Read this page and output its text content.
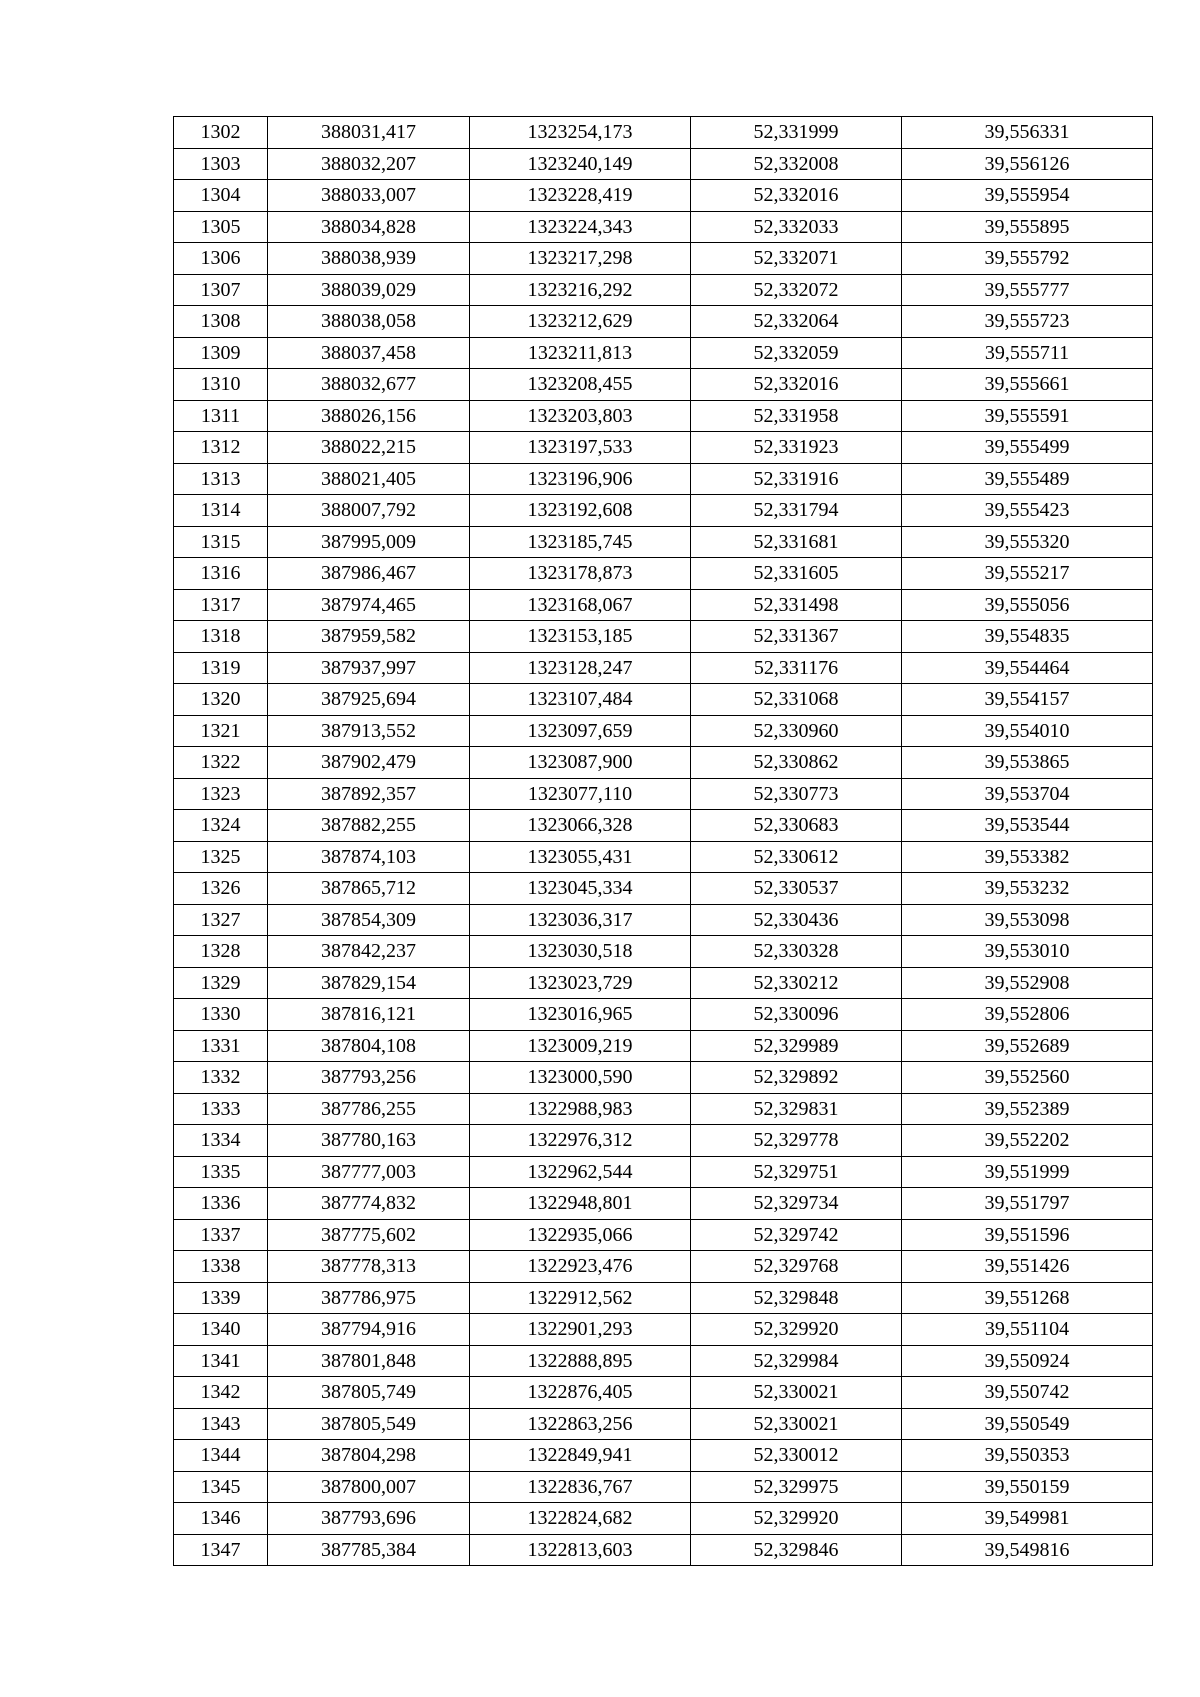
1302	388031,417	1323254,173	52,331999	39,556331
1303	388032,207	1323240,149	52,332008	39,556126
1304	388033,007	1323228,419	52,332016	39,555954
1305	388034,828	1323224,343	52,332033	39,555895
1306	388038,939	1323217,298	52,332071	39,555792
1307	388039,029	1323216,292	52,332072	39,555777
1308	388038,058	1323212,629	52,332064	39,555723
1309	388037,458	1323211,813	52,332059	39,555711
1310	388032,677	1323208,455	52,332016	39,555661
1311	388026,156	1323203,803	52,331958	39,555591
1312	388022,215	1323197,533	52,331923	39,555499
1313	388021,405	1323196,906	52,331916	39,555489
1314	388007,792	1323192,608	52,331794	39,555423
1315	387995,009	1323185,745	52,331681	39,555320
1316	387986,467	1323178,873	52,331605	39,555217
1317	387974,465	1323168,067	52,331498	39,555056
1318	387959,582	1323153,185	52,331367	39,554835
1319	387937,997	1323128,247	52,331176	39,554464
1320	387925,694	1323107,484	52,331068	39,554157
1321	387913,552	1323097,659	52,330960	39,554010
1322	387902,479	1323087,900	52,330862	39,553865
1323	387892,357	1323077,110	52,330773	39,553704
1324	387882,255	1323066,328	52,330683	39,553544
1325	387874,103	1323055,431	52,330612	39,553382
1326	387865,712	1323045,334	52,330537	39,553232
1327	387854,309	1323036,317	52,330436	39,553098
1328	387842,237	1323030,518	52,330328	39,553010
1329	387829,154	1323023,729	52,330212	39,552908
1330	387816,121	1323016,965	52,330096	39,552806
1331	387804,108	1323009,219	52,329989	39,552689
1332	387793,256	1323000,590	52,329892	39,552560
1333	387786,255	1322988,983	52,329831	39,552389
1334	387780,163	1322976,312	52,329778	39,552202
1335	387777,003	1322962,544	52,329751	39,551999
1336	387774,832	1322948,801	52,329734	39,551797
1337	387775,602	1322935,066	52,329742	39,551596
1338	387778,313	1322923,476	52,329768	39,551426
1339	387786,975	1322912,562	52,329848	39,551268
1340	387794,916	1322901,293	52,329920	39,551104
1341	387801,848	1322888,895	52,329984	39,550924
1342	387805,749	1322876,405	52,330021	39,550742
1343	387805,549	1322863,256	52,330021	39,550549
1344	387804,298	1322849,941	52,330012	39,550353
1345	387800,007	1322836,767	52,329975	39,550159
1346	387793,696	1322824,682	52,329920	39,549981
1347	387785,384	1322813,603	52,329846	39,549816
